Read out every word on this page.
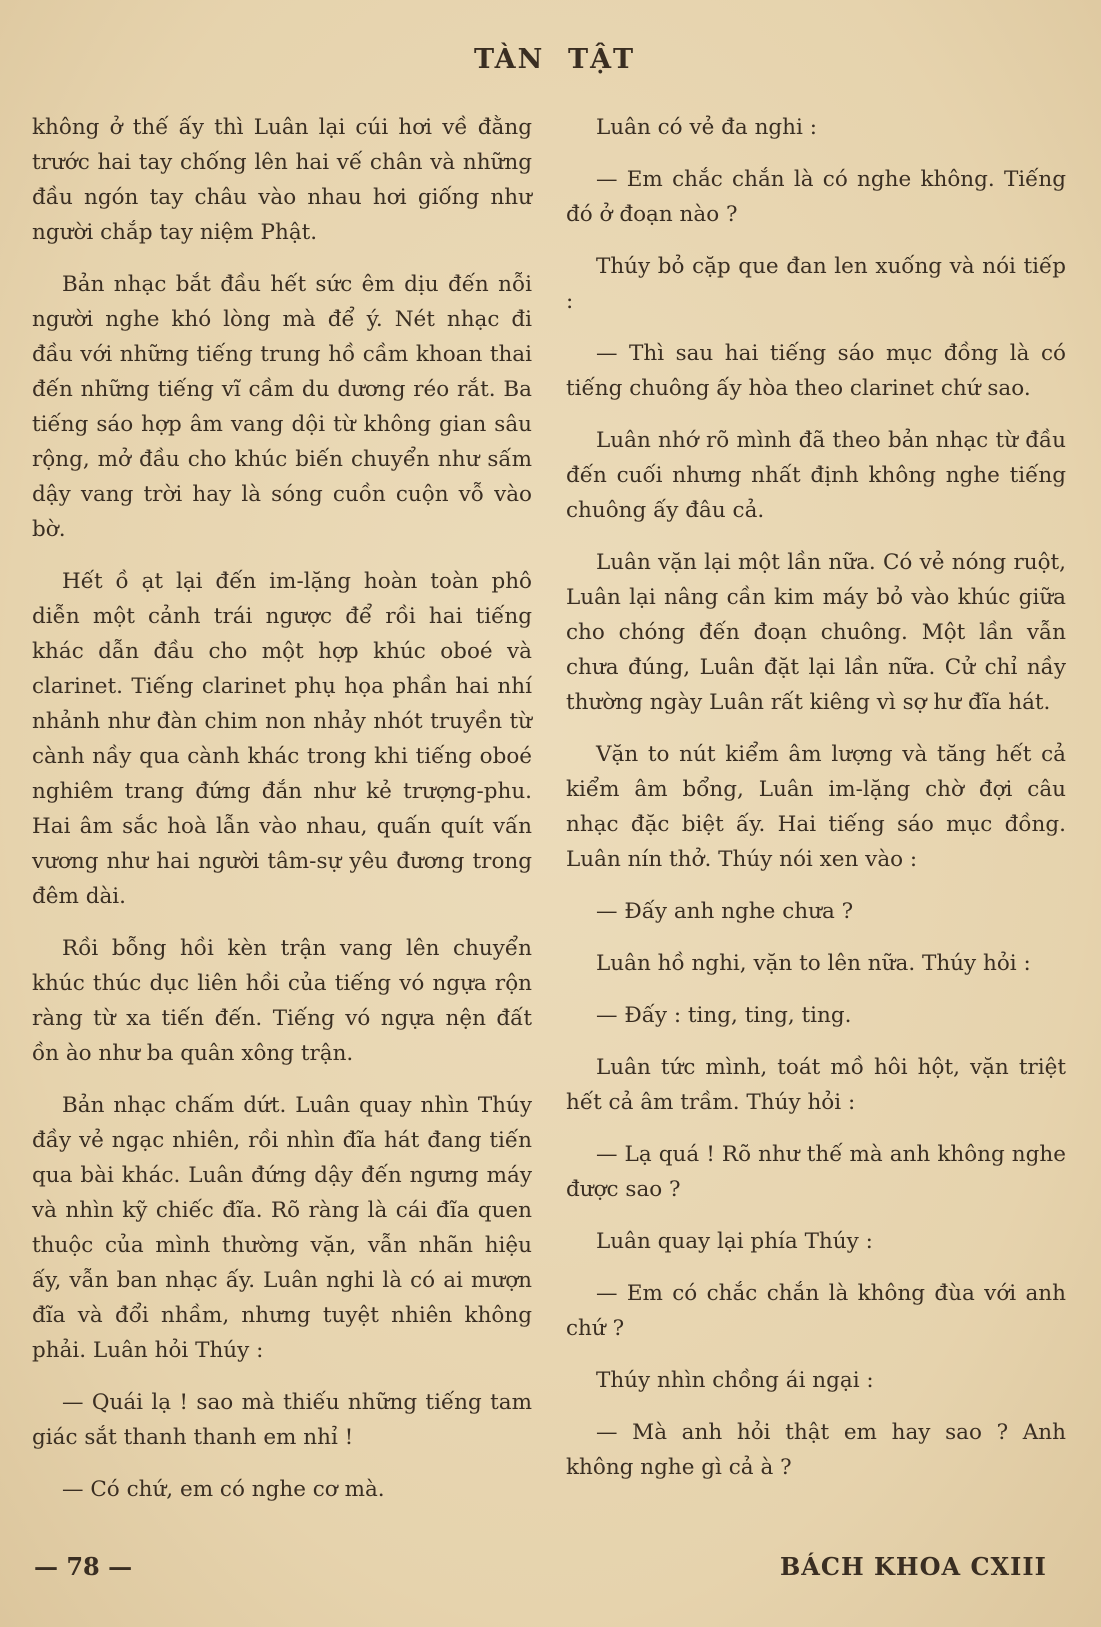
TÀN TẬT

không ở thế ấy thì Luân lại cúi hơi về đằng trước hai tay chống lên hai vế chân và những đầu ngón tay châu vào nhau hơi giống như người chắp tay niệm Phật.

Bản nhạc bắt đầu hết sức êm dịu đến nỗi người nghe khó lòng mà để ý. Nét nhạc đi đầu với những tiếng trung hồ cầm khoan thai đến những tiếng vĩ cầm du dương réo rắt. Ba tiếng sáo hợp âm vang dội từ không gian sâu rộng, mở đầu cho khúc biến chuyển như sấm dậy vang trời hay là sóng cuồn cuộn vỗ vào bờ.

Hết ồ ạt lại đến im-lặng hoàn toàn phô diễn một cảnh trái ngược để rồi hai tiếng khác dẫn đầu cho một hợp khúc oboé và clarinet. Tiếng clarinet phụ họa phần hai nhí nhảnh như đàn chim non nhảy nhót truyền từ cành nầy qua cành khác trong khi tiếng oboé nghiêm trang đứng đắn như kẻ trượng-phu. Hai âm sắc hoà lẫn vào nhau, quấn quít vấn vương như hai người tâm-sự yêu đương trong đêm dài.

Rồi bỗng hồi kèn trận vang lên chuyển khúc thúc dục liên hồi của tiếng vó ngựa rộn ràng từ xa tiến đến. Tiếng vó ngựa nện đất ồn ào như ba quân xông trận.

Bản nhạc chấm dứt. Luân quay nhìn Thúy đầy vẻ ngạc nhiên, rồi nhìn đĩa hát đang tiến qua bài khác. Luân đứng dậy đến ngưng máy và nhìn kỹ chiếc đĩa. Rõ ràng là cái đĩa quen thuộc của mình thường vặn, vẫn nhãn hiệu ấy, vẫn ban nhạc ấy. Luân nghi là có ai mượn đĩa và đổi nhầm, nhưng tuyệt nhiên không phải. Luân hỏi Thúy :

— Quái lạ ! sao mà thiếu những tiếng tam giác sắt thanh thanh em nhỉ !

— Có chứ, em có nghe cơ mà.

Luân có vẻ đa nghi :

— Em chắc chắn là có nghe không. Tiếng đó ở đoạn nào ?

Thúy bỏ cặp que đan len xuống và nói tiếp :

— Thì sau hai tiếng sáo mục đồng là có tiếng chuông ấy hòa theo clarinet chứ sao.

Luân nhớ rõ mình đã theo bản nhạc từ đầu đến cuối nhưng nhất định không nghe tiếng chuông ấy đâu cả.

Luân vặn lại một lần nữa. Có vẻ nóng ruột, Luân lại nâng cần kim máy bỏ vào khúc giữa cho chóng đến đoạn chuông. Một lần vẫn chưa đúng, Luân đặt lại lần nữa. Cử chỉ nầy thường ngày Luân rất kiêng vì sợ hư đĩa hát.

Vặn to nút kiểm âm lượng và tăng hết cả kiểm âm bổng, Luân im-lặng chờ đợi câu nhạc đặc biệt ấy. Hai tiếng sáo mục đồng. Luân nín thở. Thúy nói xen vào :

— Đấy anh nghe chưa ?

Luân hồ nghi, vặn to lên nữa. Thúy hỏi :

— Đấy : ting, ting, ting.

Luân tức mình, toát mồ hôi hột, vặn triệt hết cả âm trầm. Thúy hỏi :

— Lạ quá ! Rõ như thế mà anh không nghe được sao ?

Luân quay lại phía Thúy :

— Em có chắc chắn là không đùa với anh chứ ?

Thúy nhìn chồng ái ngại :

— Mà anh hỏi thật em hay sao ? Anh không nghe gì cả à ?

— 78 —	BÁCH KHOA CXIII
